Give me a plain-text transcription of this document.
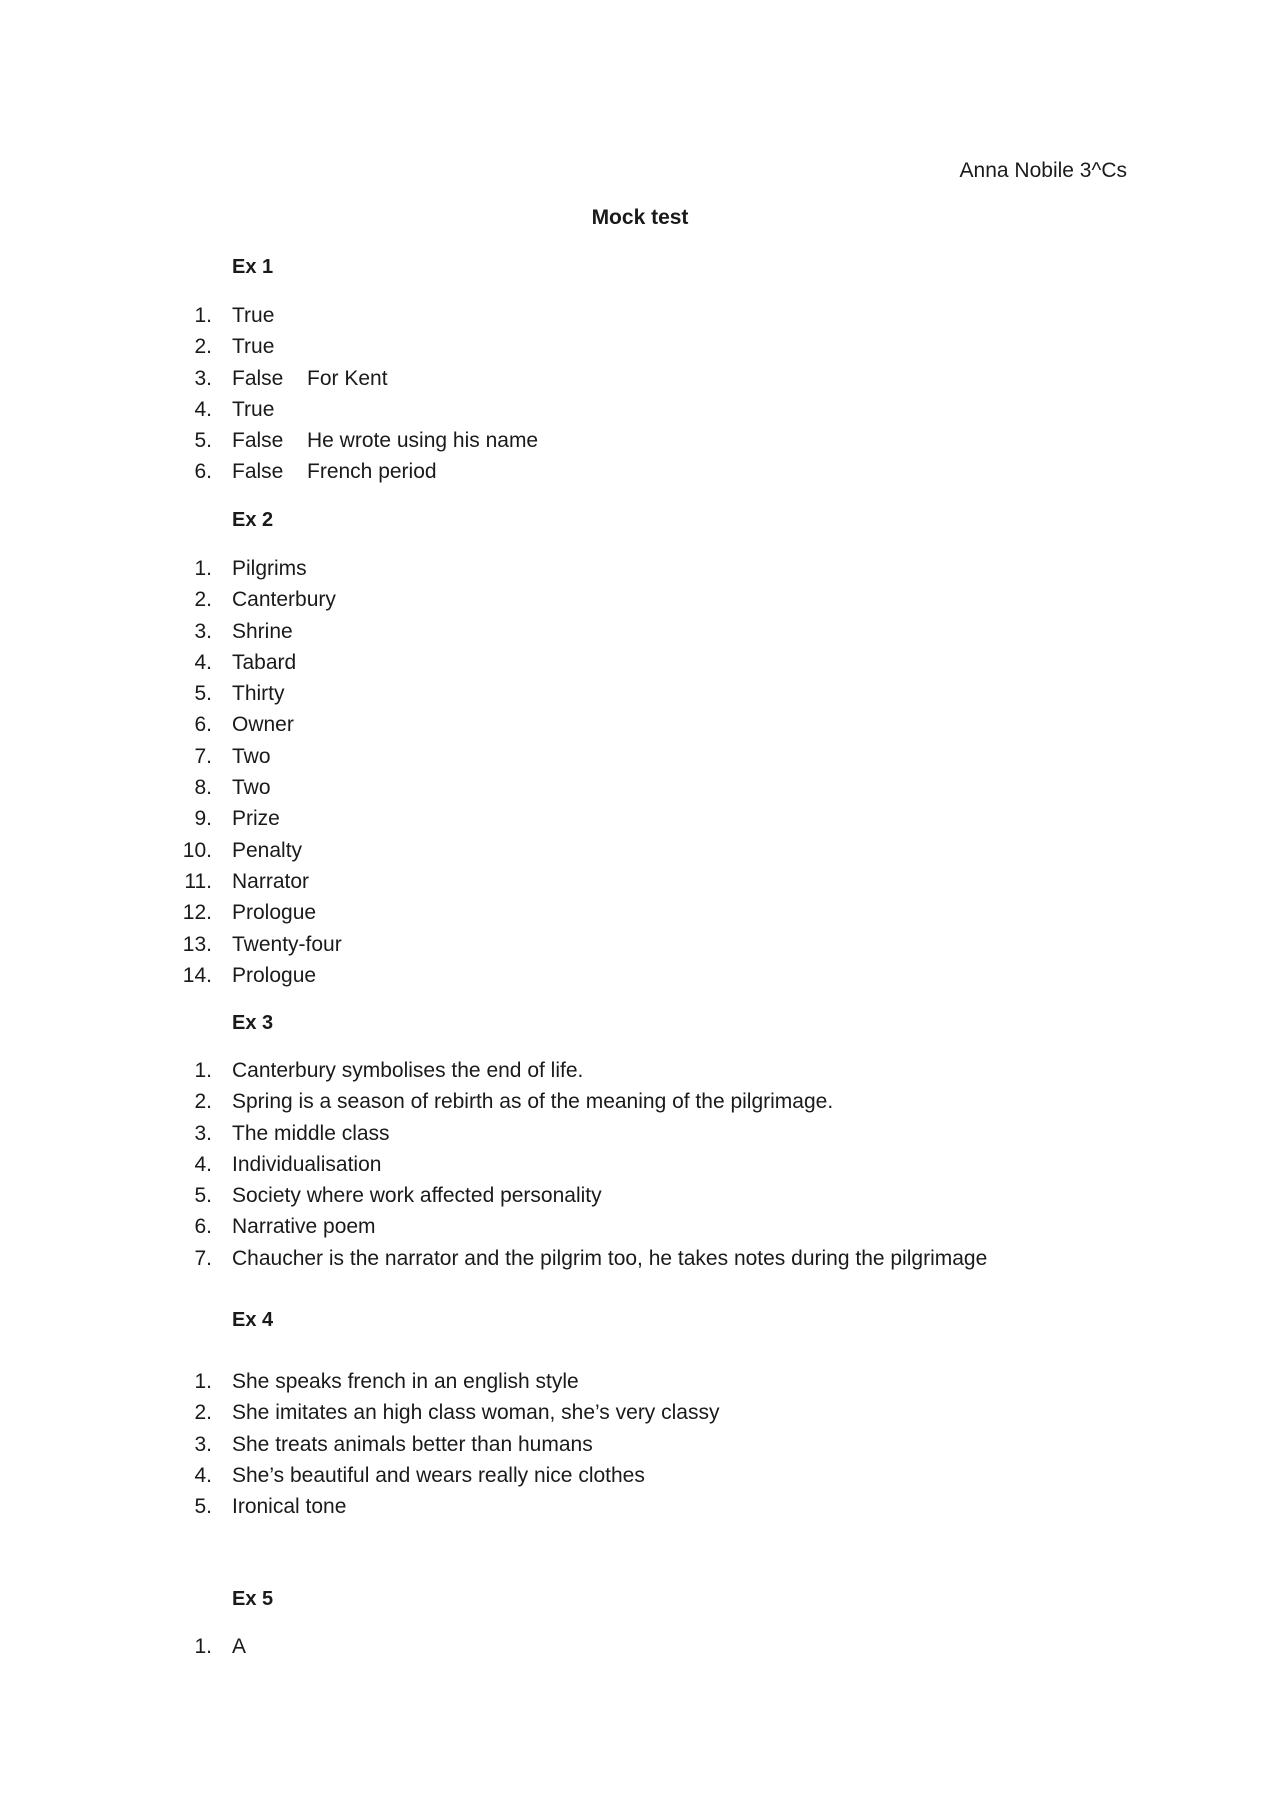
Anna Nobile 3^Cs
Mock test
Ex 1
1. True
2. True
3. False For Kent
4. True
5. False He wrote using his name
6. False French period
Ex 2
1. Pilgrims
2. Canterbury
3. Shrine
4. Tabard
5. Thirty
6. Owner
7. Two
8. Two
9. Prize
10. Penalty
11. Narrator
12. Prologue
13. Twenty-four
14. Prologue
Ex 3
1. Canterbury symbolises the end of life.
2. Spring is a season of rebirth as of the meaning of the pilgrimage.
3. The middle class
4. Individualisation
5. Society where work affected personality
6. Narrative poem
7. Chaucher is the narrator and the pilgrim too, he takes notes during the pilgrimage
Ex 4
1. She speaks french in an english style
2. She imitates an high class woman, she’s very classy
3. She treats animals better than humans
4. She’s beautiful and wears really nice clothes
5. Ironical tone
Ex 5
1. A
